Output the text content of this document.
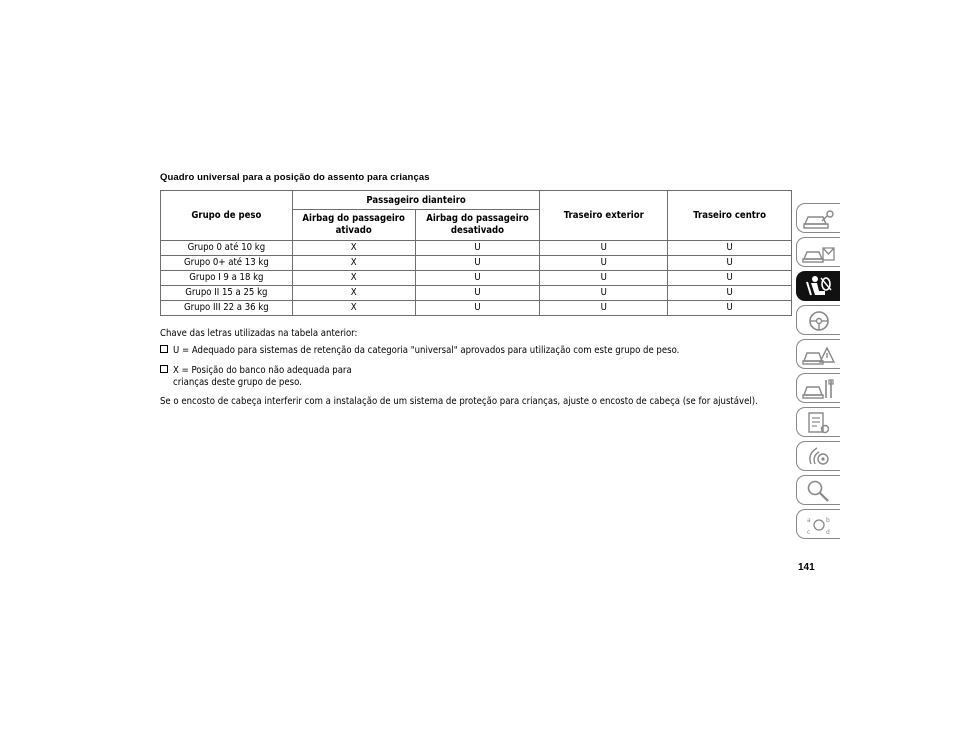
Quadro universal para a posição do assento para crianças
Grupo de peso	Passageiro dianteiro		Traseiro exterior	Traseiro centro
	Airbag do passageiro ativado	Airbag do passageiro desativado		
Grupo 0 até 10 kg	X	U	U	U
Grupo 0+ até 13 kg	X	U	U	U
Grupo I 9 a 18 kg	X	U	U	U
Grupo II 15 a 25 kg	X	U	U	U
Grupo III 22 a 36 kg	X	U	U	U
Chave das letras utilizadas na tabela anterior:
U = Adequado para sistemas de retenção da categoria "universal" aprovados para utilização com este grupo de peso.
X = Posição do banco não adequada para
crianças deste grupo de peso.
Se o encosto de cabeça interferir com a instalação de um sistema de proteção para crianças, ajuste o encosto de cabeça (se for ajustável).
141
a	b
c	d
